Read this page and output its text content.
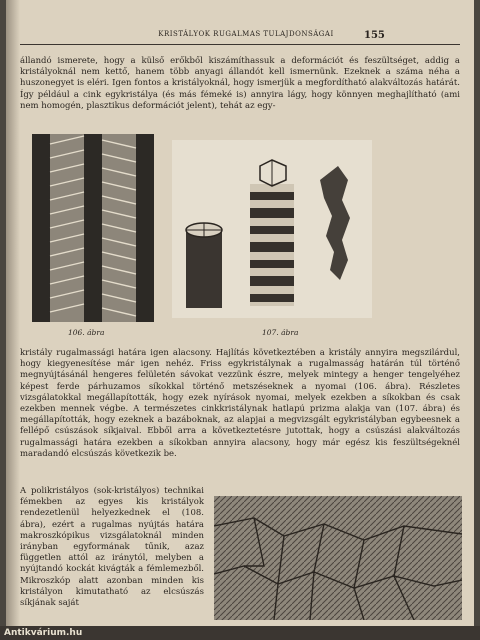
KRISTÁLYOK RUGALMAS TULAJDONSÁGAI	155
állandó ismerete, hogy a külső erőkből kiszámíthassuk a deformációt és feszültséget, addig a kristályoknál nem kettő, hanem több anyagi állandót kell ismernünk. Ezeknek a száma néha a huszonegyet is eléri. Igen fontos a kristályoknál, hogy ismerjük a megfordítható alakváltozás határát. Így például a cink egykristálya (és más fémeké is) annyira lágy, hogy könnyen meghajlítható (ami nem homogén, plasztikus deformációt jelent), tehát az egy-
106. ábra	107. ábra
kristály rugalmassági határa igen alacsony. Hajlítás következtében a kristály annyira megszilárdul, hogy kiegyenesítése már igen nehéz. Friss egykristálynak a rugalmasság határán túl történő megnyújtásánál hengeres felületén sávokat vezzünk észre, melyek mintegy a henger tengelyéhez képest ferde párhuzamos síkokkal történő metszéseknek a nyomai (106. ábra). Részletes vizsgálatokkal megállapították, hogy ezek nyírások nyomai, melyek ezekben a síkokban és csak ezekben mennek végbe. A természetes cinkkristálynak hatlapú prizma alakja van (107. ábra) és megállapították, hogy ezeknek a bazáboknak, az alapjai a megvizsgált egykristályban egybeesnek a fellépő csúszások síkjaival. Ebből arra a következtetésre jutottak, hogy a csúszási alakváltozás rugalmassági határa ezekben a síkokban annyira alacsony, hogy már egész kis feszültségeknél maradandó elcsúszás következik be.
A polikristályos (sok-kristályos) technikai fémekben az egyes kis kristályok rendezetlenül helyezkednek el (108. ábra), ezért a rugalmas nyújtás határa makroszkópikus vizsgálatoknál minden irányban egyformának tűnik, azaz független attól az iránytól, melyben a nyújtandó kockát kivágták a fémlemezből. Mikroszkóp alatt azonban minden kis kristályon kimutatható az elcsúszás síkjának saját
Antikvárium.hu
